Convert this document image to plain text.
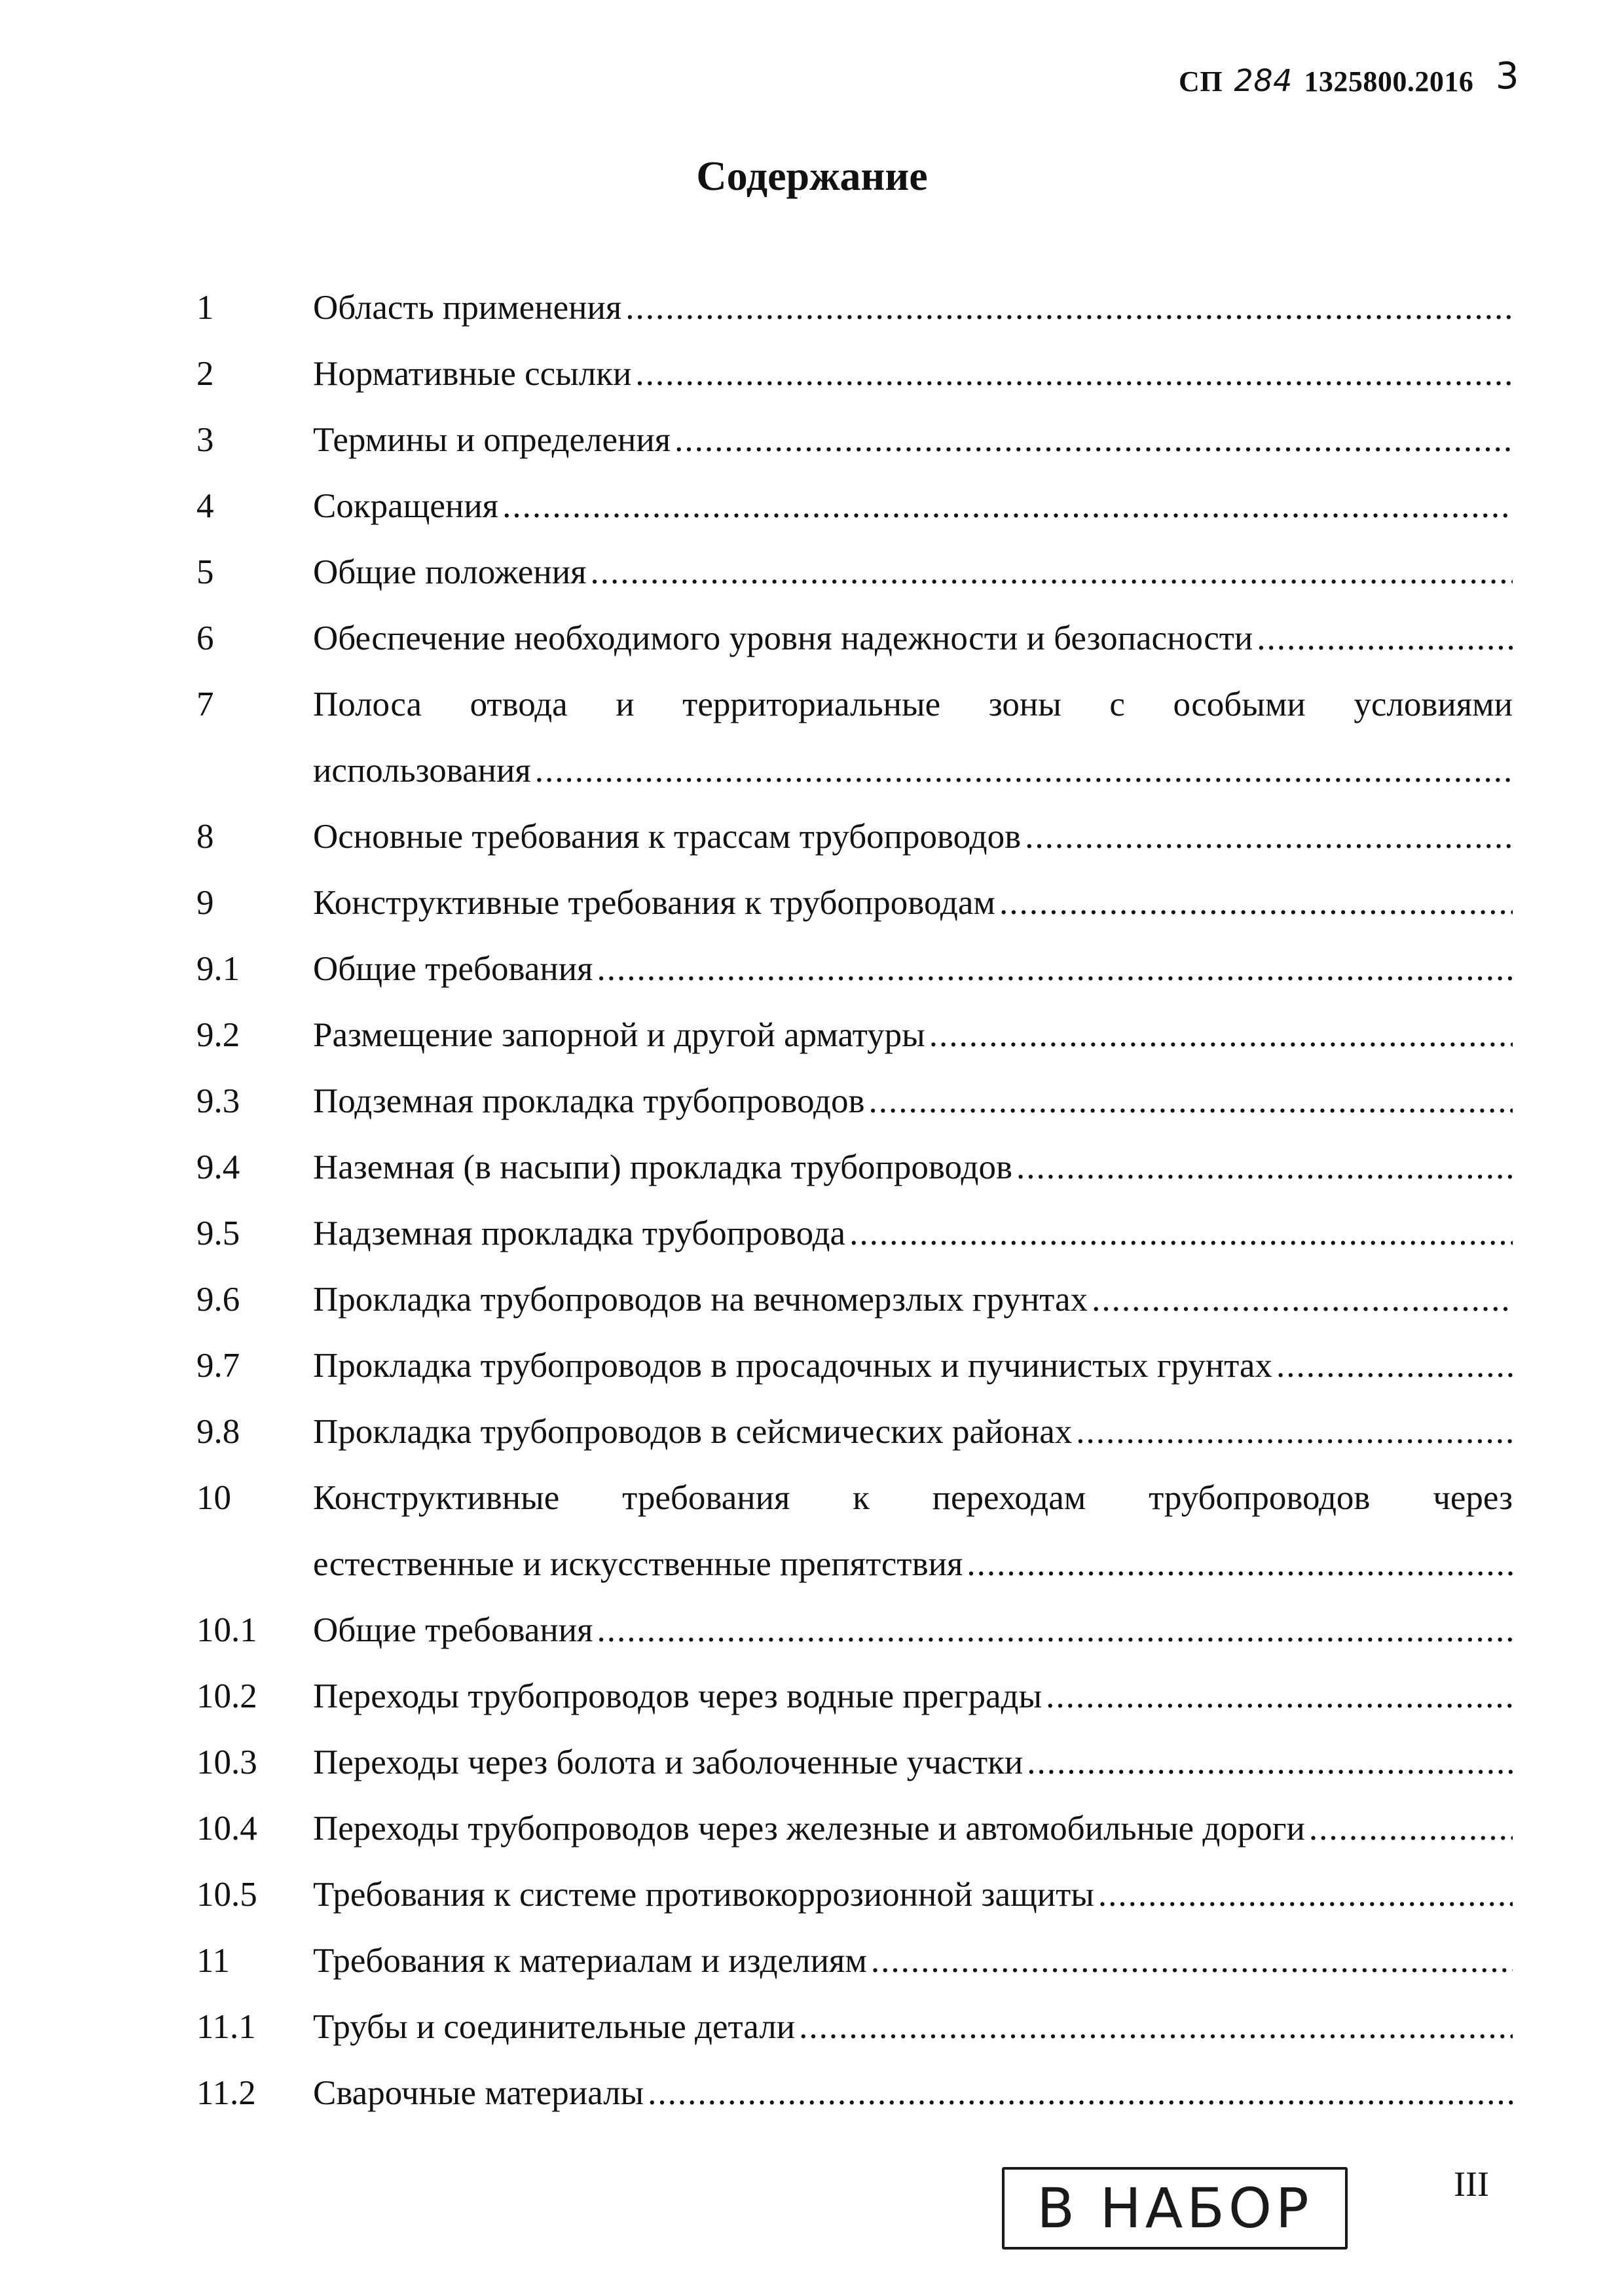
СП 284 1325800.2016 3
Содержание
1	Область применения
.....
2	Нормативные ссылки
.....
3	Термины и определения
.....
4	Сокращения
.....
5	Общие положения
.....
6	Обеспечение необходимого уровня надежности и безопасности
.....
7	Полоса отвода и территориальные зоны с особыми условиями
использования
.....
8	Основные требования к трассам трубопроводов
.....
9	Конструктивные требования к трубопроводам
.....
9.1 Общие требования
.....
9.2 Размещение запорной и другой арматуры
.....
9.3 Подземная прокладка трубопроводов
.....
9.4 Наземная (в насыпи) прокладка трубопроводов
.....
9.5 Надземная прокладка трубопровода
.....
9.6 Прокладка трубопроводов на вечномерзлых грунтах
.....
9.7 Прокладка трубопроводов в просадочных и пучинистых грунтах
.....
9.8 Прокладка трубопроводов в сейсмических районах
.....
10 Конструктивные требования к переходам трубопроводов через
естественные и искусственные препятствия
.....
10.1 Общие требования
.....
10.2 Переходы трубопроводов через водные преграды
.....
10.3 Переходы через болота и заболоченные участки
.....
10.4 Переходы трубопроводов через железные и автомобильные дороги
.....
10.5 Требования к системе противокоррозионной защиты
.....
11 Требования к материалам и изделиям
.....
11.1 Трубы и соединительные детали
.....
11.2 Сварочные материалы
.....
В НАБОР	III
